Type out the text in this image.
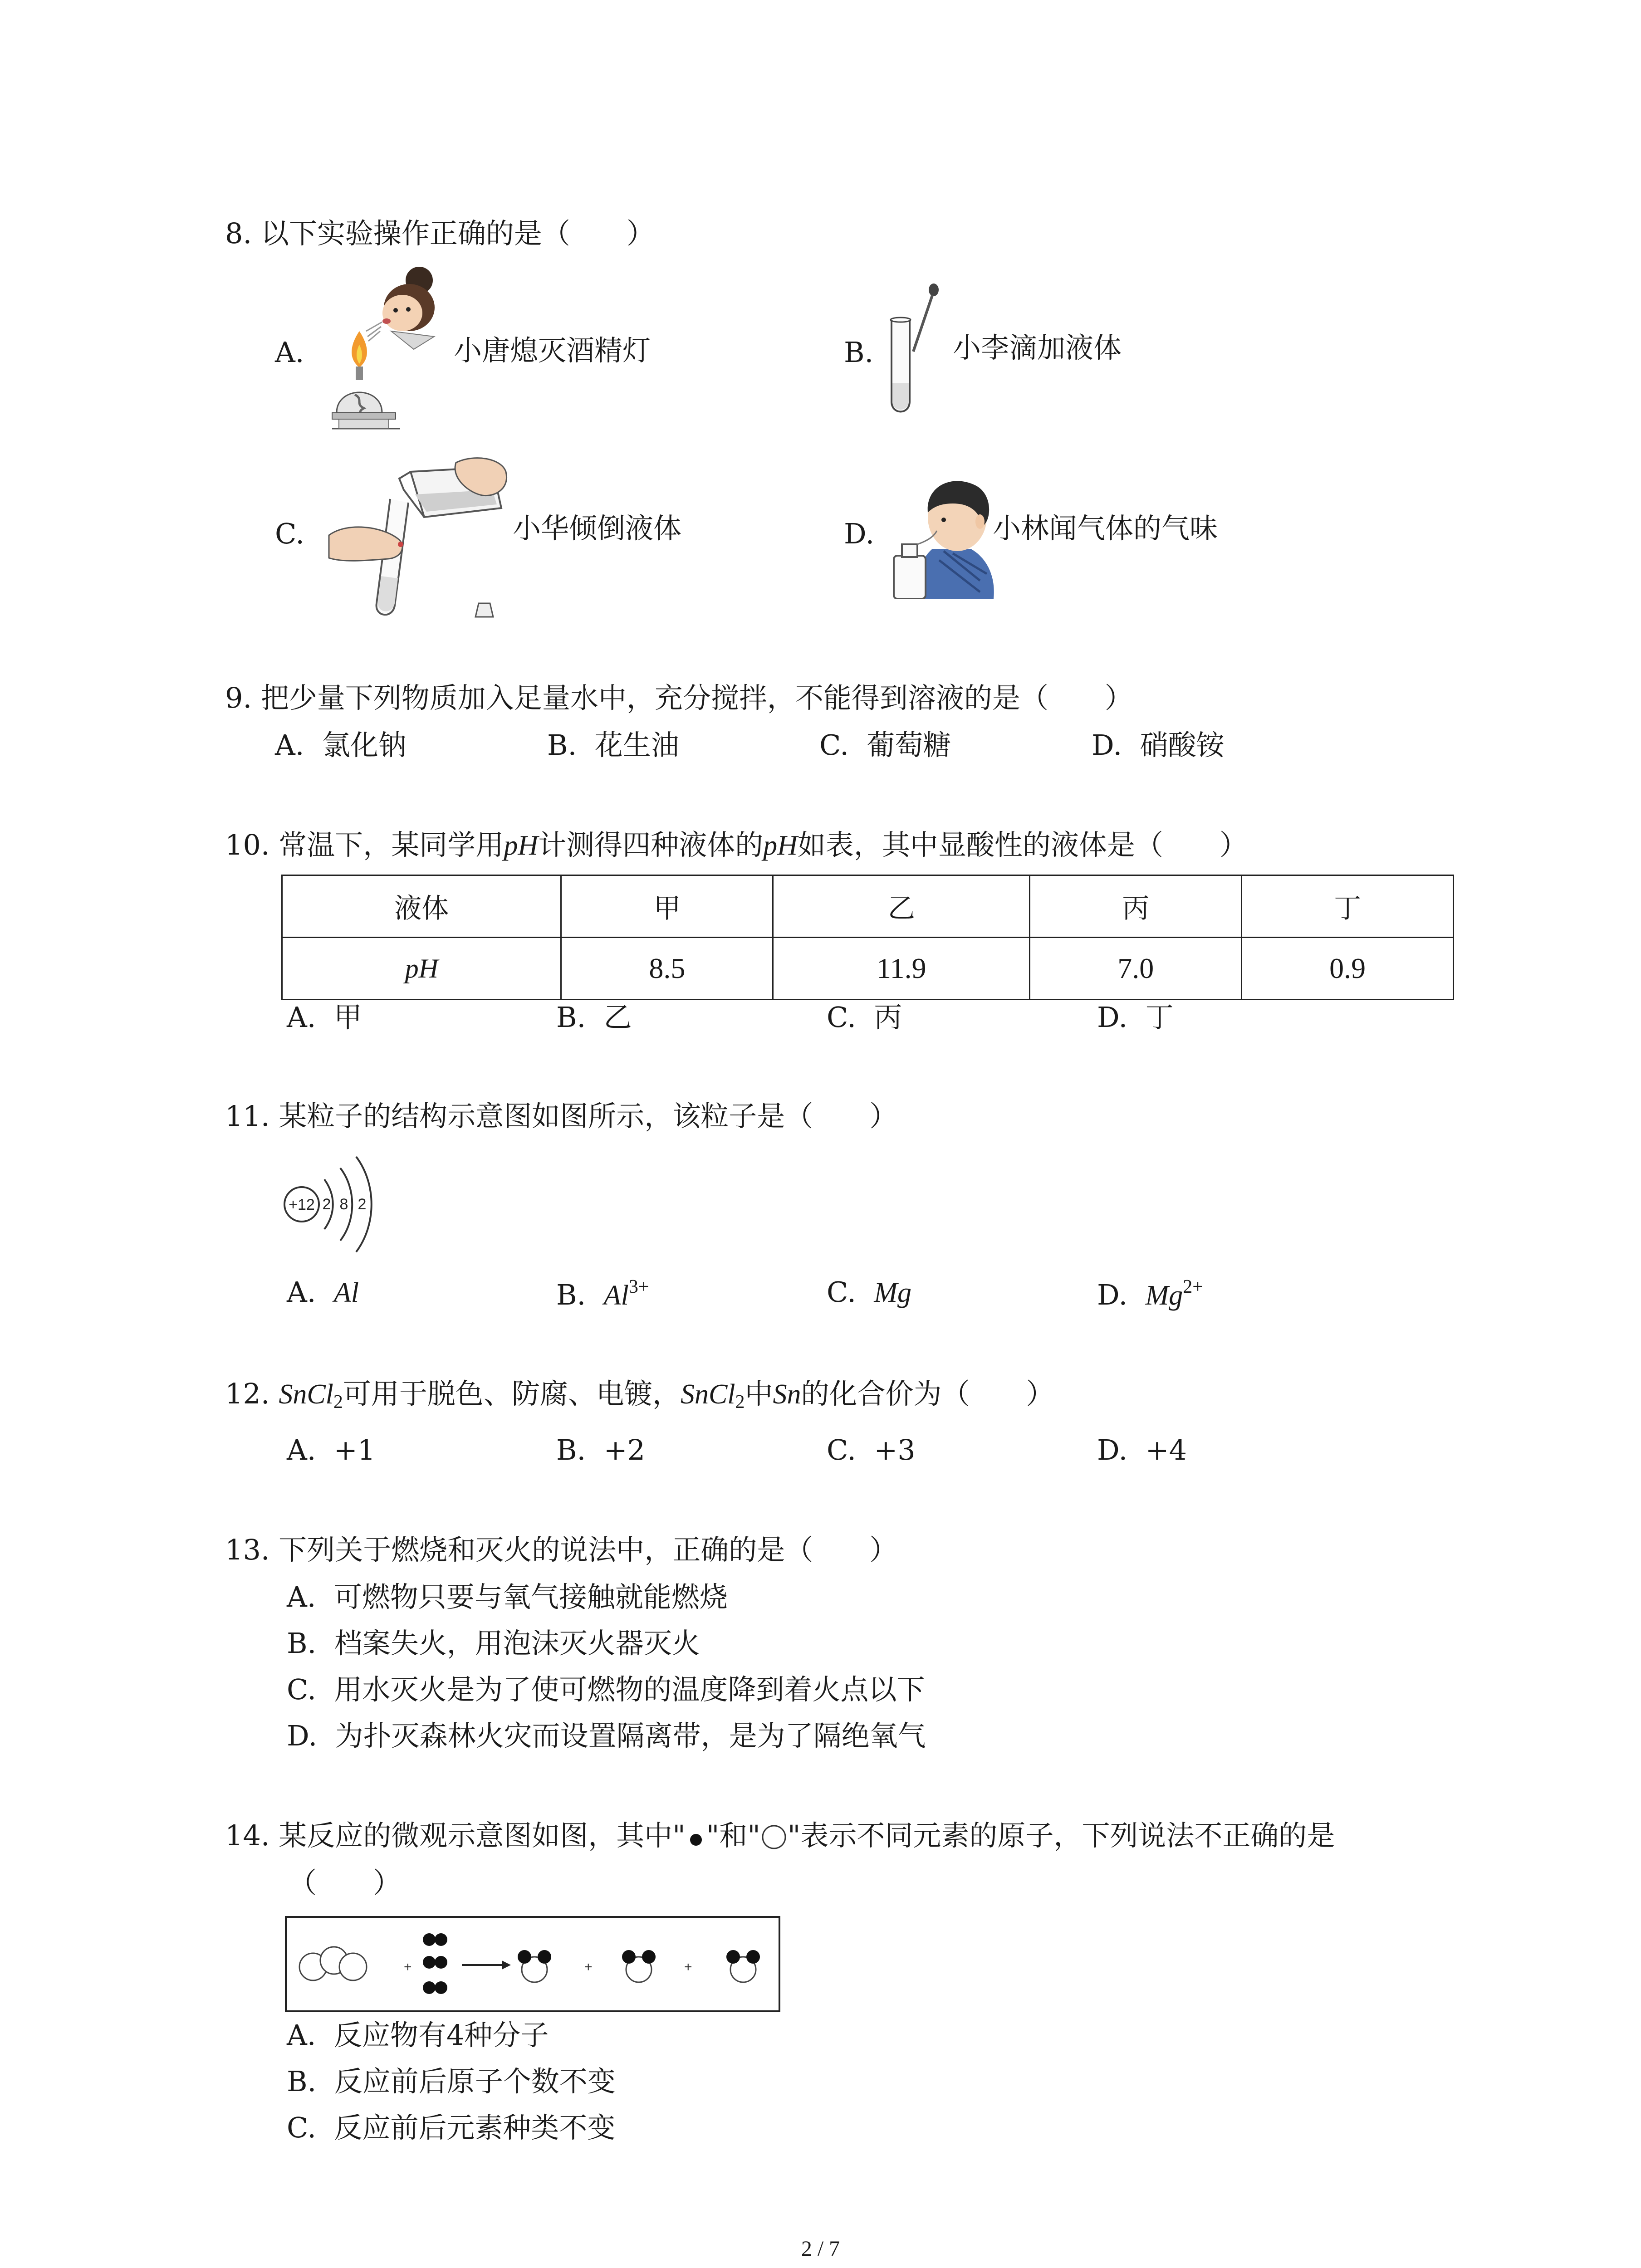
8. 以下实验操作正确的是（　　）
A.	小唐熄灭酒精灯	B.	小李滴加液体
C.	小华倾倒液体	D.	小林闻气体的气味
9. 把少量下列物质加入足量水中，充分搅拌，不能得到溶液的是（　　）
A. 氯化钠	B. 花生油	C. 葡萄糖	D. 硝酸铵
10. 常温下，某同学用pH计测得四种液体的pH如表，其中显酸性的液体是（　　）
液体	甲	乙	丙	丁
pH	8.5	11.9	7.0	0.9
A. 甲	B. 乙	C. 丙	D. 丁
11. 某粒子的结构示意图如图所示，该粒子是（　　）
+12 2 8 2
A. Al	B. $Al^{3+}$	C. Mg	D. $Mg^{2+}$
12. SnCl$_2$可用于脱色、防腐、电镀，SnCl$_2$中Sn的化合价为（　　）
A. +1	B. +2	C. +3	D. +4
13. 下列关于燃烧和灭火的说法中，正确的是（　　）
A. 可燃物只要与氧气接触就能燃烧
B. 档案失火，用泡沫灭火器灭火
C. 用水灭火是为了使可燃物的温度降到着火点以下
D. 为扑灭森林火灾而设置隔离带，是为了隔绝氧气
14. 某反应的微观示意图如图，其中" "和" "表示不同元素的原子，下列说法不正确的是
（　　）
+	+	+
A. 反应物有4种分子
B. 反应前后原子个数不变
C. 反应前后元素种类不变
2 / 7
